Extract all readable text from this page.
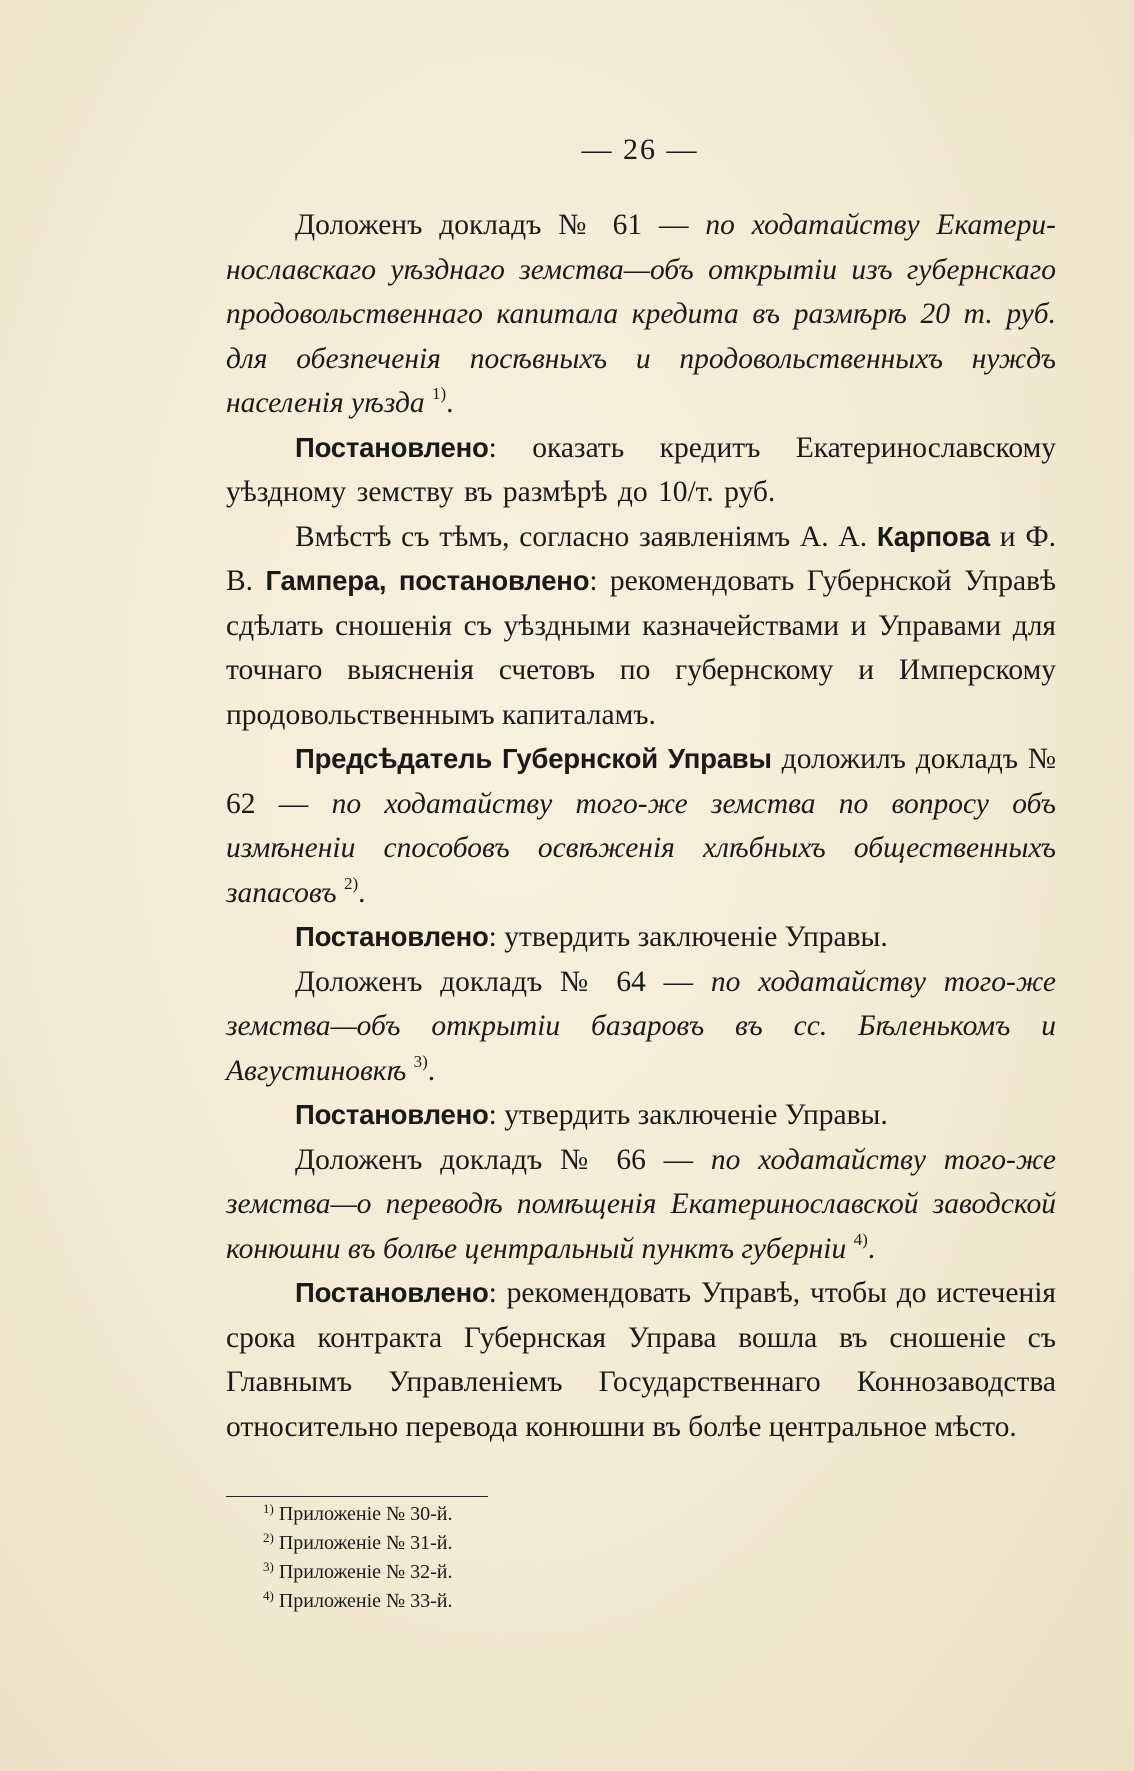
— 26 —

Доложенъ докладъ № 61 — по ходатайству Екатеринославскаго уѣзднаго земства—объ открытіи изъ губернскаго продовольственнаго капитала кредита въ размѣрѣ 20 т. руб. для обезпеченія посѣвныхъ и продовольственныхъ нуждъ населенія уѣзда $^{1)}$.

Постановлено: оказать кредитъ Екатеринославскому уѣздному земству въ размѣрѣ до 10/т. руб.

Вмѣстѣ съ тѣмъ, согласно заявленіямъ А. А. Карпова и Ф. В. Гампера, постановлено: рекомендовать Губернской Управѣ сдѣлать сношенія съ уѣздными казначействами и Управами для точнаго выясненія счетовъ по губернскому и Имперскому продовольственнымъ капиталамъ.

Предсѣдатель Губернской Управы доложилъ докладъ № 62 — по ходатайству того-же земства по вопросу объ измѣненіи способовъ освѣженія хлѣбныхъ общественныхъ запасовъ $^{2)}$.

Постановлено: утвердить заключеніе Управы.

Доложенъ докладъ № 64 — по ходатайству того-же земства—объ открытіи базаровъ въ сс. Бѣленькомъ и Августиновкѣ $^{3)}$.

Постановлено: утвердить заключеніе Управы.

Доложенъ докладъ № 66 — по ходатайству того-же земства—о переводѣ помѣщенія Екатеринославской заводской конюшни въ болѣе центральный пунктъ губерніи $^{4)}$.

Постановлено: рекомендовать Управѣ, чтобы до истеченія срока контракта Губернская Управа вошла въ сношеніе съ Главнымъ Управленіемъ Государственнаго Коннозаводства относительно перевода конюшни въ болѣе центральное мѣсто.

$^{1)}$ Приложеніе № 30-й.
$^{2)}$ Приложеніе № 31-й.
$^{3)}$ Приложеніе № 32-й.
$^{4)}$ Приложеніе № 33-й.
